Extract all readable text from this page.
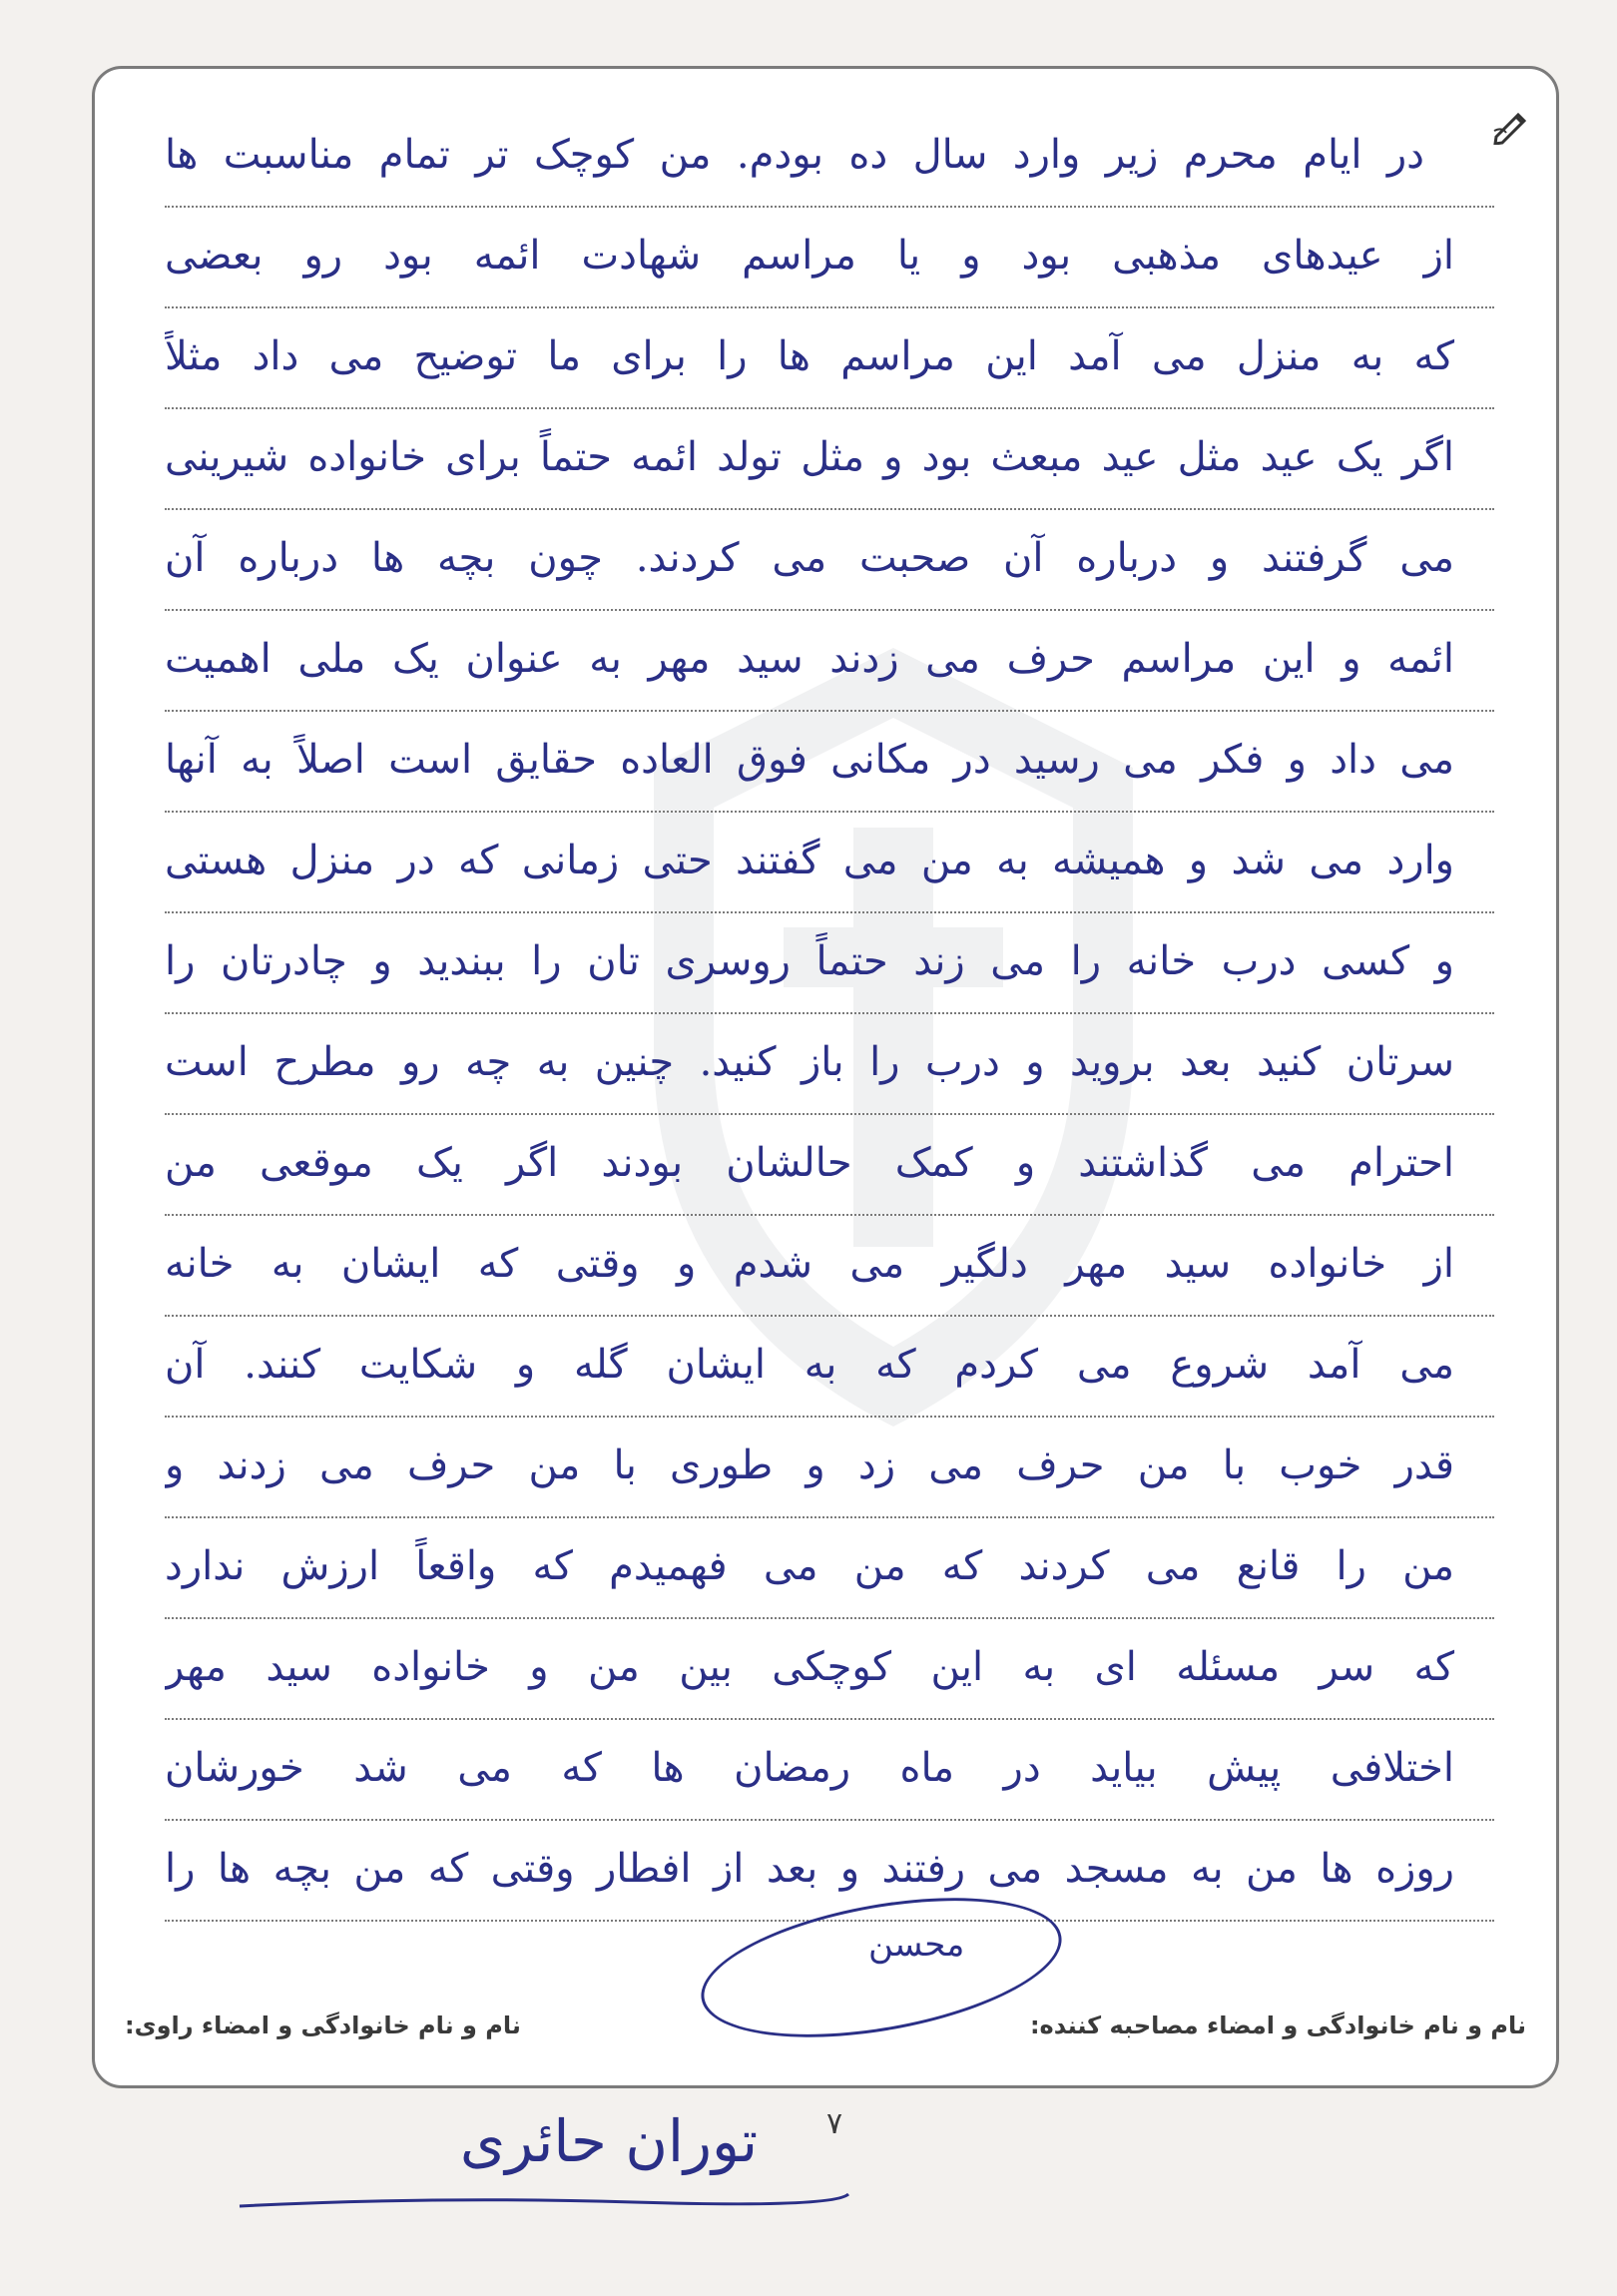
در ایام محرم زیر وارد سال ده بودم. من کوچک تر تمام مناسبت ها
از عیدهای مذهبی بود و یا مراسم شهادت ائمه بود رو بعضی
که به منزل می آمد این مراسم ها را برای ما توضیح می داد مثلاً
اگر یک عید مثل عید مبعث بود و مثل تولد ائمه حتماً برای خانواده شیرینی
می گرفتند و درباره آن صحبت می کردند. چون بچه ها درباره آن
ائمه و این مراسم حرف می زدند سید مهر به عنوان یک ملی اهمیت
می داد و فکر می رسید در مکانی فوق العاده حقایق است اصلاً به آنها
وارد می شد و همیشه به من می گفتند حتی زمانی که در منزل هستی
و کسی درب خانه را می زند حتماً روسری تان را ببندید و چادرتان را
سرتان کنید بعد بروید و درب را باز کنید. چنین به چه رو مطرح است
احترام می گذاشتند و کمک حالشان بودند اگر یک موقعی من
از خانواده سید مهر دلگیر می شدم و وقتی که ایشان به خانه
می آمد شروع می کردم که به ایشان گله و شکایت کنند. آن
قدر خوب با من حرف می زد و طوری با من حرف می زدند و
من را قانع می کردند که من می فهمیدم که واقعاً ارزش ندارد
که سر مسئله ای به این کوچکی بین من و خانواده سید مهر
اختلافی پیش بیاید در ماه رمضان ها که می شد خورشان
روزه ها من به مسجد می رفتند و بعد از افطار وقتی که من بچه ها را
نام و نام خانوادگی و امضاء مصاحبه کننده:
نام و نام خانوادگی و امضاء راوی:
محسن
توران حائری	۷
